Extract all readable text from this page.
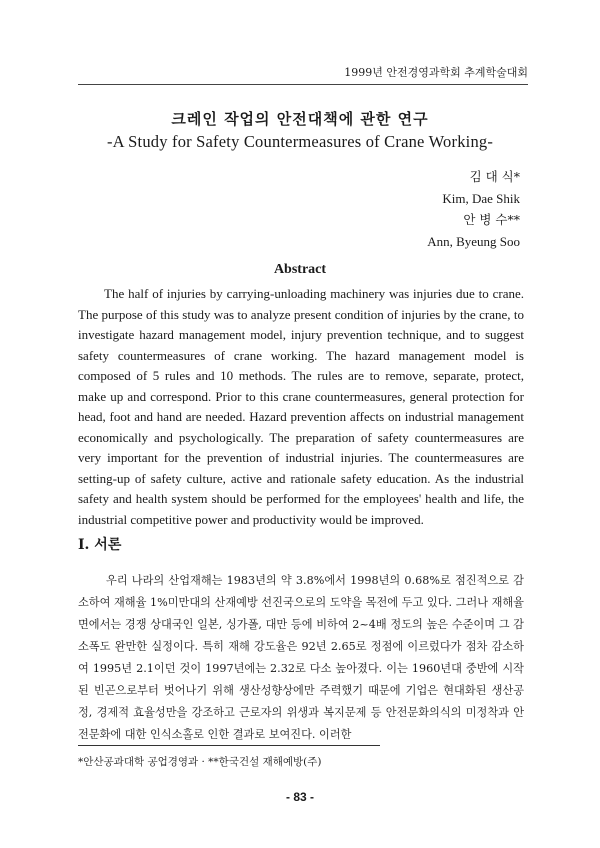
1999년 안전경영과학회 추계학술대회
크레인 작업의 안전대책에 관한 연구
-A Study for Safety Countermeasures of Crane Working-
김 대 식*
Kim, Dae Shik
안 병 수**
Ann, Byeung Soo
Abstract

The half of injuries by carrying-unloading machinery was injuries due to crane. The purpose of this study was to analyze present condition of injuries by the crane, to investigate hazard management model, injury prevention technique, and to suggest safety countermeasures of crane working. The hazard management model is composed of 5 rules and 10 methods. The rules are to remove, separate, protect, make up and correspond. Prior to this crane countermeasures, general protection for head, foot and hand are needed. Hazard prevention affects on industrial management economically and psychologically. The preparation of safety countermeasures are very important for the prevention of industrial injuries. The countermeasures are setting-up of safety culture, active and rationale safety education. As the industrial safety and health system should be performed for the employees' health and life, the industrial competitive power and productivity would be improved.

I. 서론

우리 나라의 산업재해는 1983년의 약 3.8%에서 1998년의 0.68%로 점진적으로 감소하여 재해율 1%미만대의 산재예방 선진국으로의 도약을 목전에 두고 있다. 그러나 재해율면에서는 경쟁 상대국인 일본, 싱가폴, 대만 등에 비하여 2~4배 정도의 높은 수준이며 그 감소폭도 완만한 실정이다. 특히 재해 강도율은 92년 2.65로 정점에 이르렀다가 점차 감소하여 1995년 2.1이던 것이 1997년에는 2.32로 다소 높아졌다. 이는 1960년대 중반에 시작된 빈곤으로부터 벗어나기 위해 생산성향상에만 주력했기 때문에 기업은 현대화된 생산공정, 경제적 효율성만을 강조하고 근로자의 위생과 복지문제 등 안전문화의식의 미정착과 안전문화에 대한 인식소홀로 인한 결과로 보여진다. 이러한

*안산공과대학 공업경영과 · **한국건설 재해예방(주)
- 83 -
